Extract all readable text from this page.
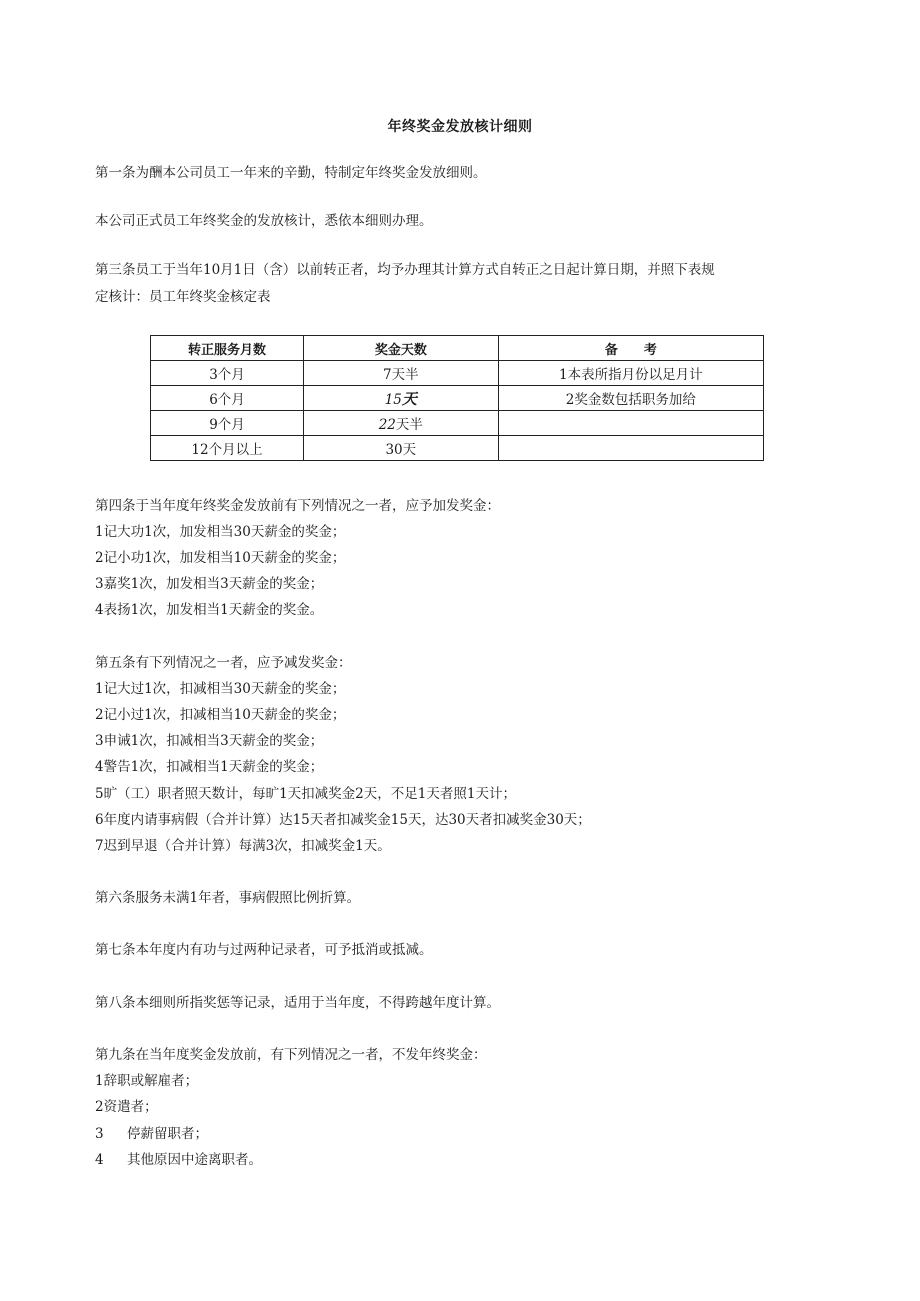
年终奖金发放核计细则
第一条为酬本公司员工一年来的辛勤，特制定年终奖金发放细则。
本公司正式员工年终奖金的发放核计，悉依本细则办理。
第三条员工于当年10月1日（含）以前转正者，均予办理其计算方式自转正之日起计算日期，并照下表规
定核计：员工年终奖金核定表
转正服务月数	奖金天数	备　　考
3个月	7天半	1本表所指月份以足月计
6个月	15天	2奖金数包括职务加给
9个月	22天半	
12个月以上	30天	
第四条于当年度年终奖金发放前有下列情况之一者，应予加发奖金：
1记大功1次，加发相当30天薪金的奖金；
2记小功1次，加发相当10天薪金的奖金；
3嘉奖1次，加发相当3天薪金的奖金；
4表扬1次，加发相当1天薪金的奖金。
第五条有下列情况之一者，应予减发奖金：
1记大过1次，扣减相当30天薪金的奖金；
2记小过1次，扣减相当10天薪金的奖金；
3申诫1次，扣减相当3天薪金的奖金；
4警告1次，扣减相当1天薪金的奖金；
5旷（工）职者照天数计，每旷1天扣减奖金2天，不足1天者照1天计；
6年度内请事病假（合并计算）达15天者扣减奖金15天，达30天者扣减奖金30天；
7迟到早退（合并计算）每满3次，扣减奖金1天。
第六条服务未满1年者，事病假照比例折算。
第七条本年度内有功与过两种记录者，可予抵消或抵减。
第八条本细则所指奖惩等记录，适用于当年度，不得跨越年度计算。
第九条在当年度奖金发放前，有下列情况之一者，不发年终奖金：
1辞职或解雇者；
2资遣者；
3 停薪留职者；
4 其他原因中途离职者。
